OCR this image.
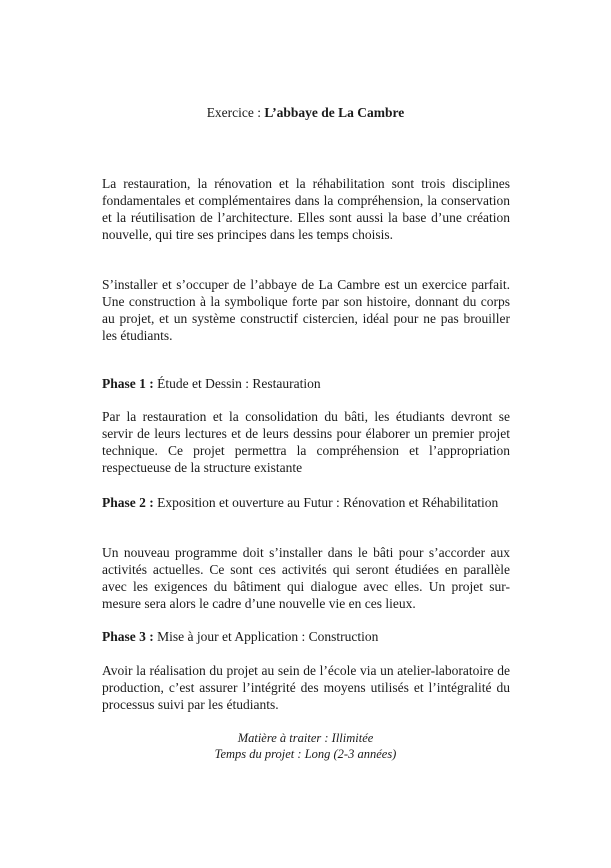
Exercice : L’abbaye de La Cambre

La restauration, la rénovation et la réhabilitation sont trois disciplines fondamentales et complémentaires dans la compréhension, la conservation et la réutilisation de l’architecture. Elles sont aussi la base d’une création nouvelle, qui tire ses principes dans les temps choisis.

S’installer et s’occuper de l’abbaye de La Cambre est un exercice parfait. Une construction à la symbolique forte par son histoire, donnant du corps au projet, et un système constructif cistercien, idéal pour ne pas brouiller les étudiants.

Phase 1 : Étude et Dessin : Restauration

Par la restauration et la consolidation du bâti, les étudiants devront se servir de leurs lectures et de leurs dessins pour élaborer un premier projet technique. Ce projet permettra la compréhension et l’appropriation respectueuse de la structure existante

Phase 2 : Exposition et ouverture au Futur : Rénovation et Réhabilitation

Un nouveau programme doit s’installer dans le bâti pour s’accorder aux activités actuelles. Ce sont ces activités qui seront étudiées en parallèle avec les exigences du bâtiment qui dialogue avec elles. Un projet sur-mesure sera alors le cadre d’une nouvelle vie en ces lieux.

Phase 3 : Mise à jour et Application : Construction

Avoir la réalisation du projet au sein de l’école via un atelier-laboratoire de production, c’est assurer l’intégrité des moyens utilisés et l’intégralité du processus suivi par les étudiants.

Matière à traiter : Illimitée
Temps du projet : Long (2-3 années)
